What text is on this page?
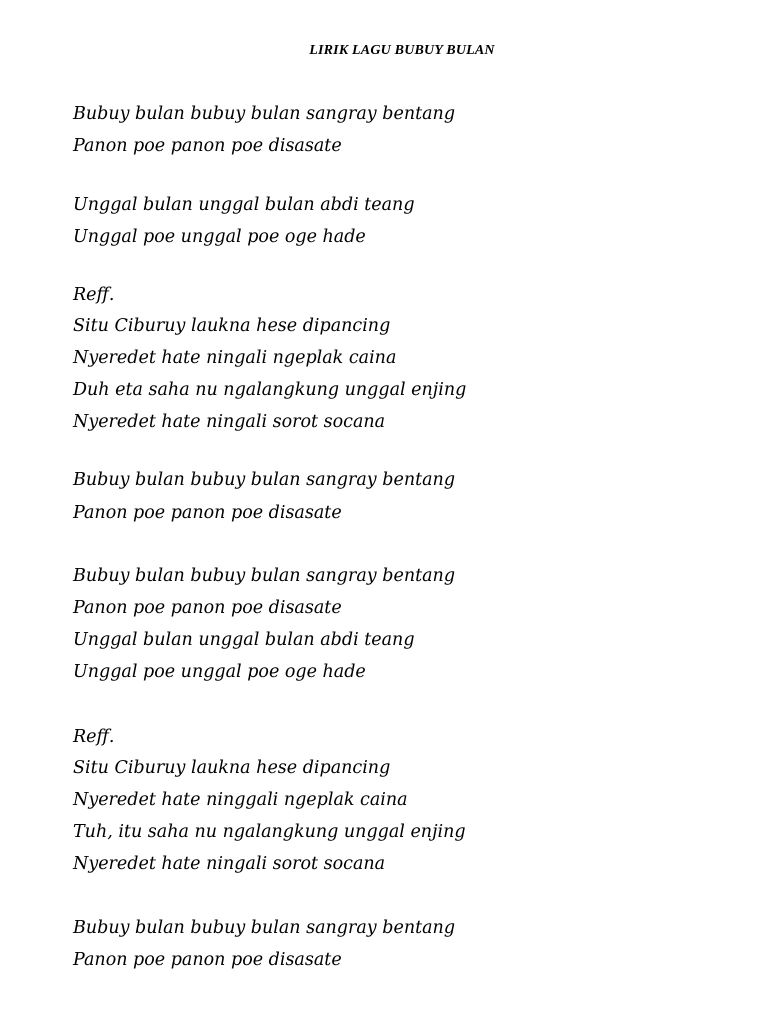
LIRIK LAGU BUBUY BULAN
Bubuy bulan bubuy bulan sangray bentang
Panon poe panon poe disasate
Unggal bulan unggal bulan abdi teang
Unggal poe unggal poe oge hade
Reff.
Situ Ciburuy laukna hese dipancing
Nyeredet hate ningali ngeplak caina
Duh eta saha nu ngalangkung unggal enjing
Nyeredet hate ningali sorot socana
Bubuy bulan bubuy bulan sangray bentang
Panon poe panon poe disasate
Bubuy bulan bubuy bulan sangray bentang
Panon poe panon poe disasate
Unggal bulan unggal bulan abdi teang
Unggal poe unggal poe oge hade
Reff.
Situ Ciburuy laukna hese dipancing
Nyeredet hate ninggali ngeplak caina
Tuh, itu saha nu ngalangkung unggal enjing
Nyeredet hate ningali sorot socana
Bubuy bulan bubuy bulan sangray bentang
Panon poe panon poe disasate
